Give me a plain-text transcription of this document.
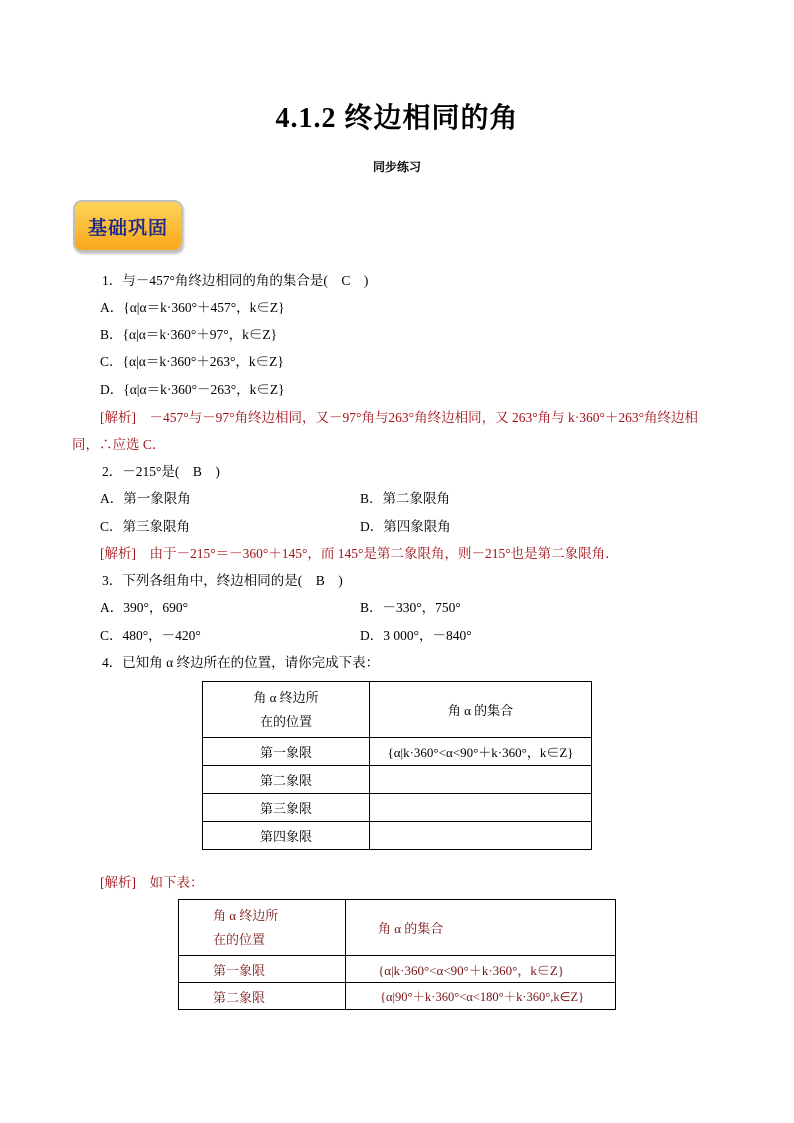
4.1.2 终边相同的角
同步练习
基础巩固
1．与－457°角终边相同的角的集合是(　C　)
A．{α|α＝k·360°＋457°，k∈Z}
B．{α|α＝k·360°＋97°，k∈Z}
C．{α|α＝k·360°＋263°，k∈Z}
D．{α|α＝k·360°－263°，k∈Z}
[解析]　－457°与－97°角终边相同，又－97°角与263°角终边相同，又 263°角与 k·360°＋263°角终边相
同，∴应选 C．
2．－215°是(　B　)
A．第一象限角	B．第二象限角
C．第三象限角	D．第四象限角
[解析]　由于－215°＝－360°＋145°，而 145°是第二象限角，则－215°也是第二象限角．
3．下列各组角中，终边相同的是(　B　)
A．390°，690°	B．－330°，750°
C．480°，－420°	D．3 000°，－840°
4．已知角 α 终边所在的位置，请你完成下表：
角 α 终边所
在的位置	角 α 的集合
第一象限	{α|k·360°<α<90°＋k·360°，k∈Z}
第二象限	
第三象限	
第四象限	
[解析]　如下表：
角 α 终边所
在的位置	角 α 的集合
第一象限	{α|k·360°<α<90°＋k·360°，k∈Z}
第二象限	{α|90°＋k·360°<α<180°＋k·360°,k∈Z}
